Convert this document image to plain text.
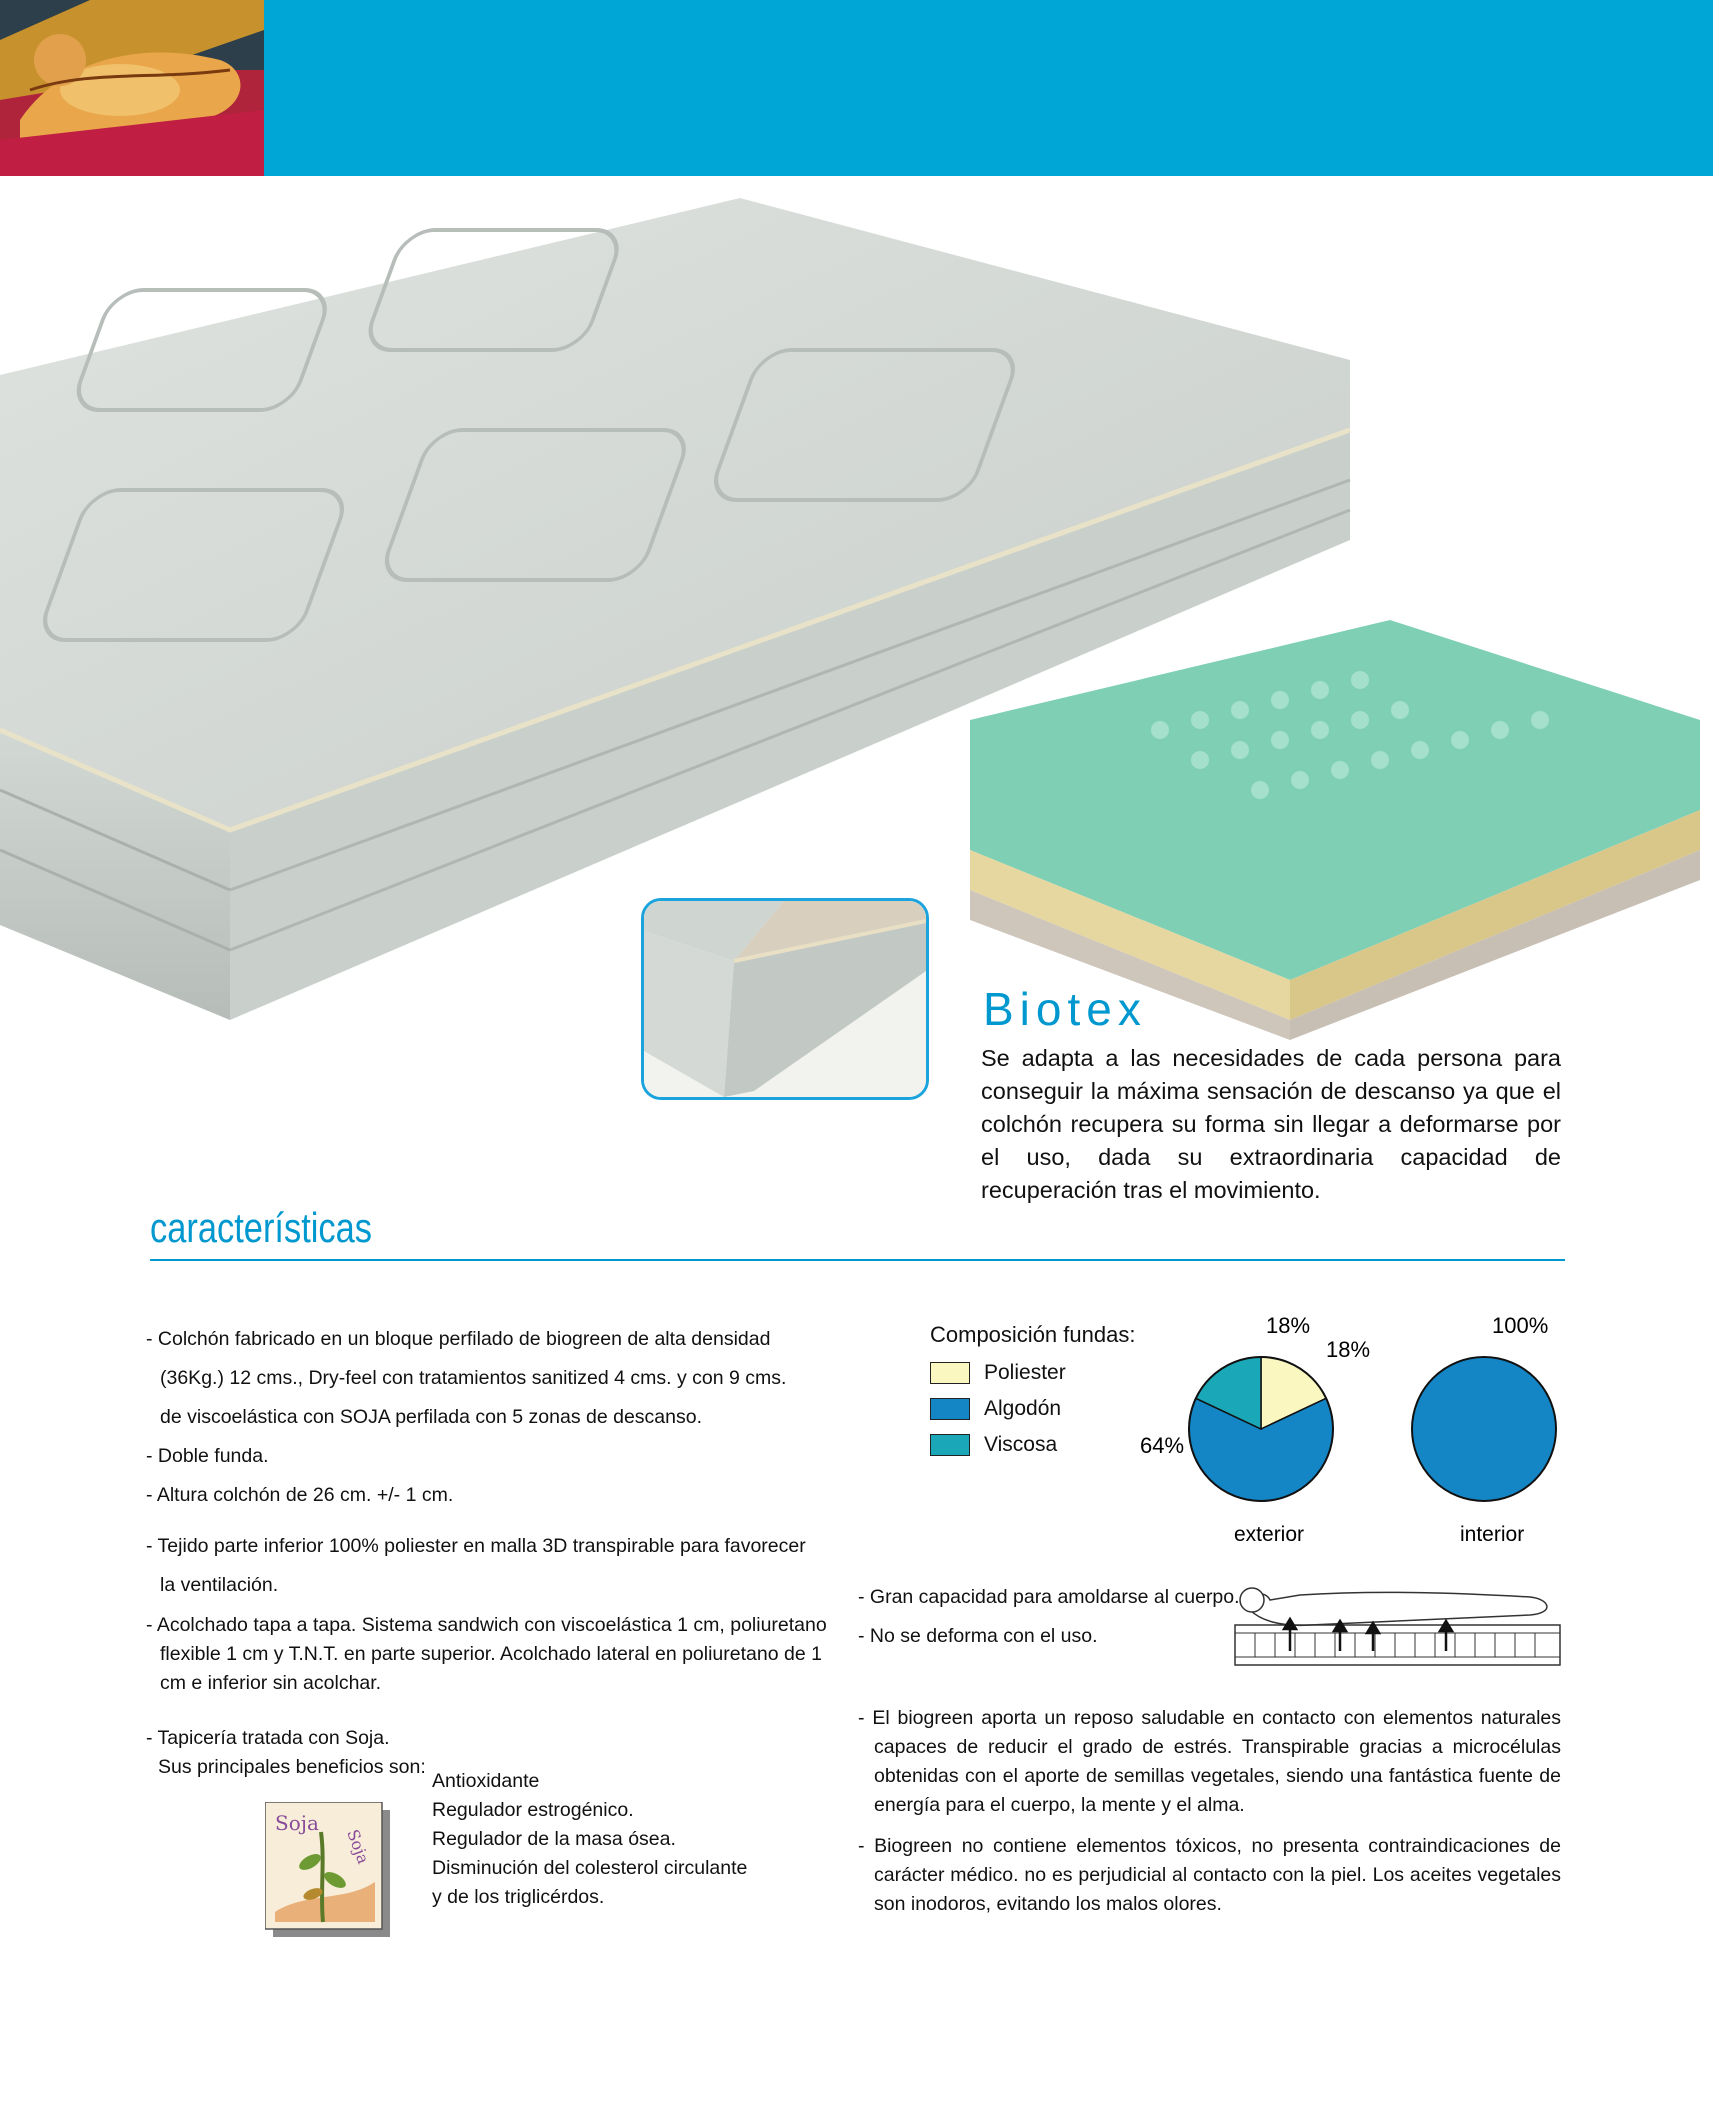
Biotex
Se adapta a las necesidades de cada persona para conseguir la máxima sensación de descanso ya que el colchón recupera su forma sin llegar a deformarse por el uso, dada su extraordinaria capacidad de recuperación tras el movimiento.
características
- Colchón fabricado en un bloque perfilado de biogreen de alta densidad
(36Kg.) 12 cms., Dry-feel con tratamientos sanitized 4 cms. y con 9 cms.
de viscoelástica con SOJA perfilada con 5 zonas de descanso.
- Doble funda.
- Altura colchón de 26 cm. +/- 1 cm.
- Tejido parte inferior 100% poliester en malla 3D transpirable para favorecer
la ventilación.
- Acolchado tapa a tapa. Sistema sandwich con viscoelástica 1 cm, poliuretano flexible 1 cm y T.N.T. en parte superior. Acolchado lateral en poliuretano de 1 cm e inferior sin acolchar.
- Tapicería tratada con Soja.
Sus principales beneficios son:
Antioxidante
Regulador estrogénico.
Regulador de la masa ósea.
Disminución del colesterol circulante
y de los triglicérdos.
Soja
Soja
Composición fundas:
Poliester
Algodón
Viscosa
18%
18%
64%
100%
exterior	interior
- Gran capacidad para amoldarse al cuerpo.
- No se deforma con el uso.
- El biogreen aporta un reposo saludable en contacto con elementos naturales capaces de reducir el grado de estrés. Transpirable gracias a microcélulas obtenidas con el aporte de semillas vegetales, siendo una fantástica fuente de energía para el cuerpo, la mente y el alma.
- Biogreen no contiene elementos tóxicos, no presenta contraindicaciones de carácter médico. no es perjudicial al contacto con la piel. Los aceites vegetales son inodoros, evitando los malos olores.
